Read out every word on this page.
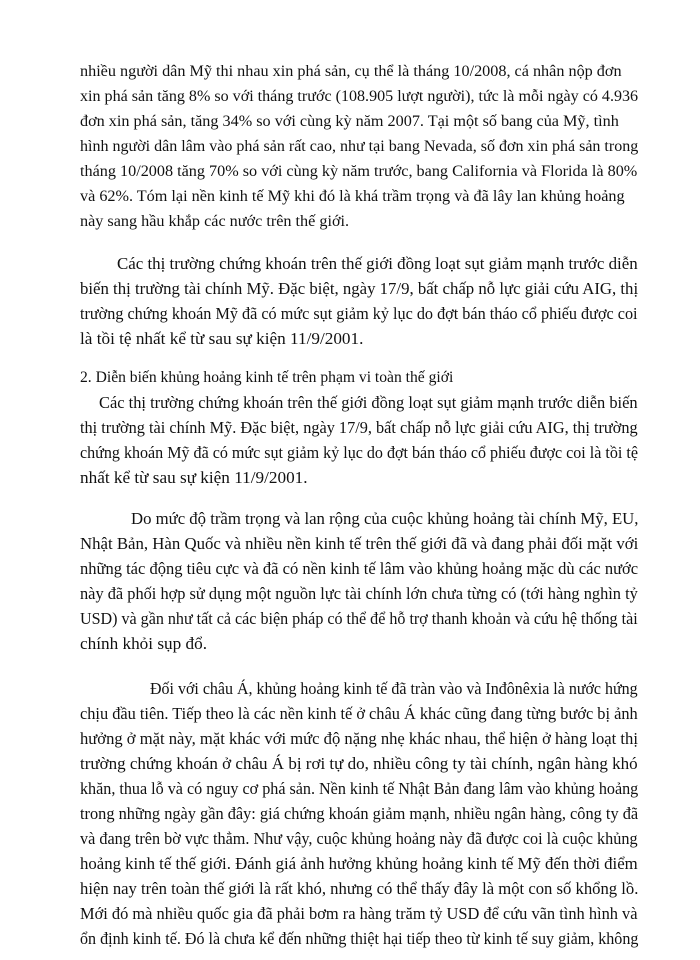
nhiều người dân Mỹ thi nhau xin phá sản, cụ thể là tháng 10/2008, cá nhân nộp đơn
xin phá sản tăng 8% so với tháng trước (108.905 lượt người), tức là mỗi ngày có 4.936
đơn xin phá sản, tăng 34% so với cùng kỳ năm 2007. Tại một số bang của Mỹ, tình
hình người dân lâm vào phá sản rất cao, như tại bang Nevada, số đơn xin phá sản trong
tháng 10/2008 tăng 70% so với cùng kỳ năm trước, bang California và Florida là 80%
và 62%. Tóm lại nền kinh tế Mỹ khi đó là khá trầm trọng và đã lây lan khủng hoảng
này sang hầu khắp các nước trên thế giới.
Các thị trường chứng khoán trên thế giới đồng loạt sụt giảm mạnh trước diễn
biến thị trường tài chính Mỹ. Đặc biệt, ngày 17/9, bất chấp nỗ lực giải cứu AIG, thị
trường chứng khoán Mỹ đã có mức sụt giảm kỷ lục do đợt bán tháo cổ phiếu được coi
là tồi tệ nhất kể từ sau sự kiện 11/9/2001.
2. Diễn biến khủng hoảng kinh tế trên phạm vi toàn thế giới
Các thị trường chứng khoán trên thế giới đồng loạt sụt giảm mạnh trước diễn biến
thị trường tài chính Mỹ. Đặc biệt, ngày 17/9, bất chấp nỗ lực giải cứu AIG, thị trường
chứng khoán Mỹ đã có mức sụt giảm kỷ lục do đợt bán tháo cổ phiếu được coi là tồi tệ
nhất kể từ sau sự kiện 11/9/2001.
Do mức độ trầm trọng và lan rộng của cuộc khủng hoảng tài chính Mỹ, EU,
Nhật Bản, Hàn Quốc và nhiều nền kinh tế trên thế giới đã và đang phải đối mặt với
những tác động tiêu cực và đã có nền kinh tế lâm vào khủng hoảng mặc dù các nước
này đã phối hợp sử dụng một nguồn lực tài chính lớn chưa từng có (tới hàng nghìn tỷ
USD) và gần như tất cả các biện pháp có thể để hỗ trợ thanh khoản và cứu hệ thống tài
chính khỏi sụp đổ.
Đối với châu Á, khủng hoảng kinh tế đã tràn vào và Inđônêxia là nước hứng
chịu đầu tiên. Tiếp theo là các nền kinh tế ở châu Á khác cũng đang từng bước bị ảnh
hưởng ở mặt này, mặt khác với mức độ nặng nhẹ khác nhau, thể hiện ở hàng loạt thị
trường chứng khoán ở châu Á bị rơi tự do, nhiều công ty tài chính, ngân hàng khó
khăn, thua lỗ và có nguy cơ phá sản. Nền kinh tế Nhật Bản đang lâm vào khủng hoảng
trong những ngày gần đây: giá chứng khoán giảm mạnh, nhiều ngân hàng, công ty đã
và đang trên bờ vực thẳm. Như vậy, cuộc khủng hoảng này đã được coi là cuộc khủng
hoảng kinh tế thế giới. Đánh giá ảnh hưởng khủng hoảng kinh tế Mỹ đến thời điểm
hiện nay trên toàn thế giới là rất khó, nhưng có thể thấy đây là một con số khổng lồ.
Mới đó mà nhiều quốc gia đã phải bơm ra hàng trăm tỷ USD để cứu vãn tình hình và
ổn định kinh tế. Đó là chưa kể đến những thiệt hại tiếp theo từ kinh tế suy giảm, không
